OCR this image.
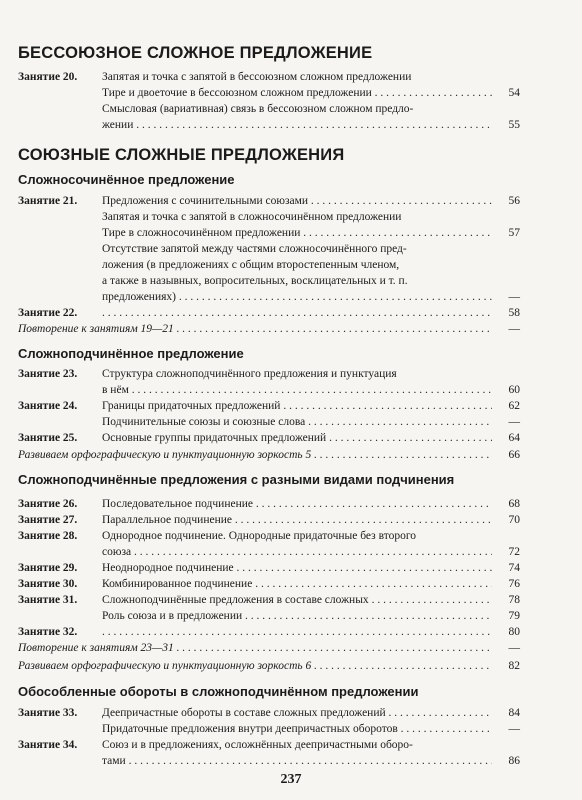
БЕССОЮЗНОЕ СЛОЖНОЕ ПРЕДЛОЖЕНИЕ
Занятие 20. Запятая и точка с запятой в бессоюзном сложном предложении
Тире и двоеточие в бессоюзном сложном предложении . . .	54
Смысловая (вариативная) связь в бессоюзном сложном предло-
жении . . .	55
СОЮЗНЫЕ СЛОЖНЫЕ ПРЕДЛОЖЕНИЯ
Сложносочинённое предложение
Занятие 21. Предложения с сочинительными союзами . . .	56
Запятая и точка с запятой в сложносочинённом предложении
Тире в сложносочинённом предложении . . .	57
Отсутствие запятой между частями сложносочинённого пред-
ложения (в предложениях с общим второстепенным членом,
а также в назывных, вопросительных, восклицательных и т. п.
предложениях) . . .	—
Занятие 22. . . .	58
Повторение к занятиям 19—21 . . .	—
Сложноподчинённое предложение
Занятие 23. Структура сложноподчинённого предложения и пунктуация
в нём . . .	60
Занятие 24. Границы придаточных предложений . . .	62
Подчинительные союзы и союзные слова . . .	—
Занятие 25. Основные группы придаточных предложений . . .	64
Развиваем орфографическую и пунктуационную зоркость 5 . . .	66
Сложноподчинённые предложения с разными видами подчинения
Занятие 26. Последовательное подчинение . . .	68
Занятие 27. Параллельное подчинение . . .	70
Занятие 28. Однородное подчинение. Однородные придаточные без второго
союза . . .	72
Занятие 29. Неоднородное подчинение . . .	74
Занятие 30. Комбинированное подчинение . . .	76
Занятие 31. Сложноподчинённые предложения в составе сложных . . .	78
Роль союза и в предложении . . .	79
Занятие 32. . . .	80
Повторение к занятиям 23—31 . . .	—
Развиваем орфографическую и пунктуационную зоркость 6 . . .	82
Обособленные обороты в сложноподчинённом предложении
Занятие 33. Деепричастные обороты в составе сложных предложений . . .	84
Придаточные предложения внутри деепричастных оборотов . . .	—
Занятие 34. Союз и в предложениях, осложнённых деепричастными оборо-
тами . . .	86
237
